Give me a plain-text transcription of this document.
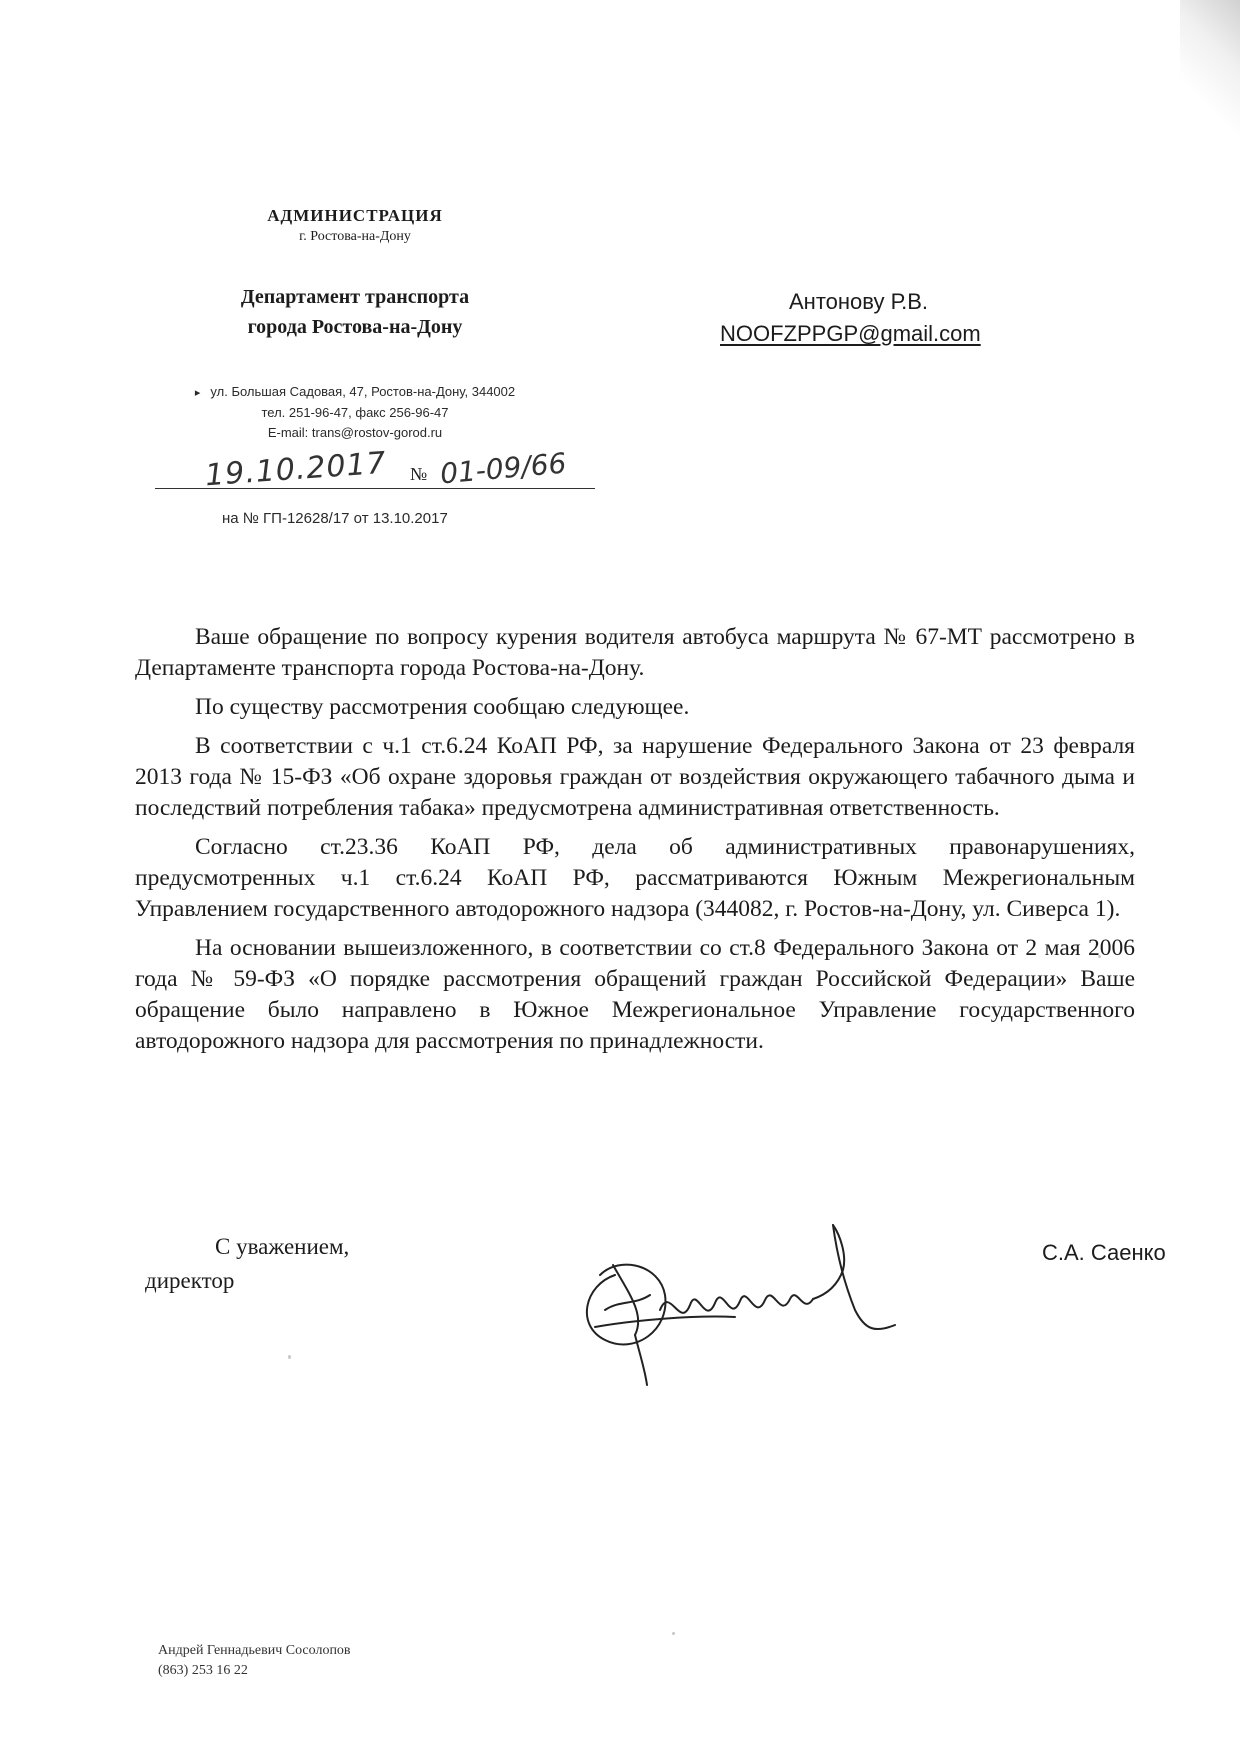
АДМИНИСТРАЦИЯ

г. Ростова-на-Дону

Департамент транспорта
города Ростова-на-Дону
▸ ул. Большая Садовая, 47, Ростов-на-Дону, 344002
тел. 251-96-47, факс 256-96-47
E-mail: trans@rostov-gorod.ru
19.10.2017 № 01-09/66
на № ГП-12628/17 от 13.10.2017
Антонову Р.В.
NOOFZPPGP@gmail.com

Ваше обращение по вопросу курения водителя автобуса маршрута № 67-МТ рассмотрено в Департаменте транспорта города Ростова-на-Дону.

По существу рассмотрения сообщаю следующее.

В соответствии с ч.1 ст.6.24 КоАП РФ, за нарушение Федерального Закона от 23 февраля 2013 года № 15-ФЗ «Об охране здоровья граждан от воздействия окружающего табачного дыма и последствий потребления табака» предусмотрена административная ответственность.

Согласно ст.23.36 КоАП РФ, дела об административных правонарушениях, предусмотренных ч.1 ст.6.24 КоАП РФ, рассматриваются Южным Межрегиональным Управлением государственного автодорожного надзора (344082, г. Ростов-на-Дону, ул. Сиверса 1).

На основании вышеизложенного, в соответствии со ст.8 Федерального Закона от 2 мая 2006 года № 59-ФЗ «О порядке рассмотрения обращений граждан Российской Федерации» Ваше обращение было направлено в Южное Межрегиональное Управление государственного автодорожного надзора для рассмотрения по принадлежности.

С уважением,
директор
С.А. Саенко
Андрей Геннадьевич Сосолопов
(863) 253 16 22
